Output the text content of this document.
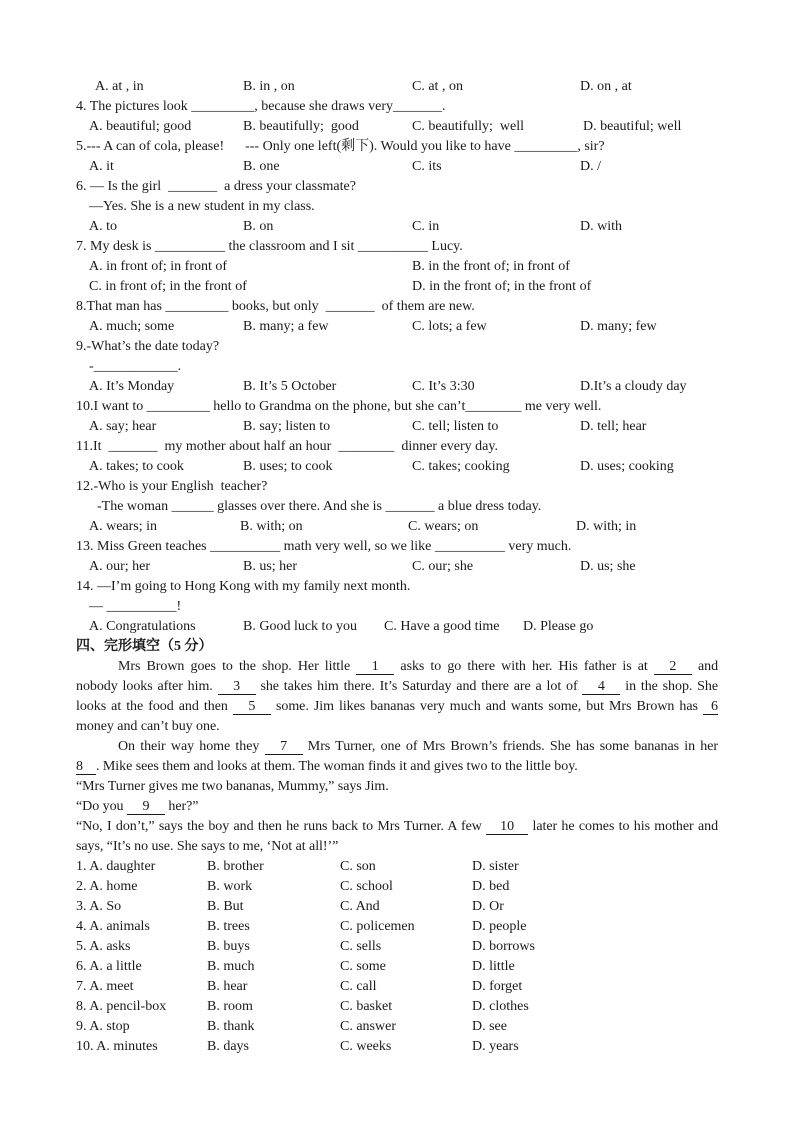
A. at , in	B. in , on	C. at , on	D. on , at
4. The pictures look _________, because she draws very_______.
A. beautiful; good	B. beautifully;  good	C. beautifully;  well	D. beautiful; well
5.--- A can of cola, please!      --- Only one left(剩下). Would you like to have _________, sir?
A. it	B. one	C. its	D. /
6. — Is the girl  _______  a dress your classmate?
—Yes. She is a new student in my class.
A. to	B. on	C. in	D. with
7. My desk is __________ the classroom and I sit __________ Lucy.
A. in front of; in front of	B. in the front of; in front of
C. in front of; in the front of	D. in the front of; in the front of
8.That man has _________ books, but only  _______  of them are new.
A. much; some	B. many; a few	C. lots; a few	D. many; few
9.-What’s the date today?
-____________.
A. It’s Monday	B. It’s 5 October	C. It’s 3:30	D.It’s a cloudy day
10.I want to _________ hello to Grandma on the phone, but she can’t________ me very well.
A. say; hear	B. say; listen to	C. tell; listen to	D. tell; hear
11.It  _______  my mother about half an hour  ________  dinner every day.
A. takes; to cook	B. uses; to cook	C. takes; cooking	D. uses; cooking
12.-Who is your English  teacher?
-The woman ______ glasses over there. And she is _______ a blue dress today.
A. wears; in	B. with; on	C. wears; on	D. with; in
13. Miss Green teaches __________ math very well, so we like __________ very much.
A. our; her	B. us; her	C. our; she	D. us; she
14. —I’m going to Hong Kong with my family next month.
— __________!
A. Congratulations	B. Good luck to you C. Have a good time D. Please go
四、完形填空（5 分）
Mrs Brown goes to the shop. Her little 1 asks to go there with her. His father is at 2 and
nobody looks after him. 3 she takes him there. It’s Saturday and there are a lot of 4 in the shop. She
looks at the food and then 5 some. Jim likes bananas very much and wants some, but Mrs Brown has 6
money and can’t buy one.
On their way home they 7 Mrs Turner, one of Mrs Brown’s friends. She has some bananas in her
8 . Mike sees them and looks at them. The woman finds it and gives two to the little boy.
“Mrs Turner gives me two bananas, Mummy,” says Jim.
“Do you 9 her?”
“No, I don’t,” says the boy and then he runs back to Mrs Turner. A few 10 later he comes to his mother and
says, “It’s no use. She says to me, ‘Not at all!’”
1. A. daughter	B. brother	C. son	D. sister
2. A. home	B. work	C. school	D. bed
3. A. So	B. But	C. And	D. Or
4. A. animals	B. trees	C. policemen	D. people
5. A. asks	B. buys	C. sells	D. borrows
6. A. a little	B. much	C. some	D. little
7. A. meet	B. hear	C. call	D. forget
8. A. pencil-box	B. room	C. basket	D. clothes
9. A. stop	B. thank	C. answer	D. see
10. A. minutes	B. days	C. weeks	D. years
